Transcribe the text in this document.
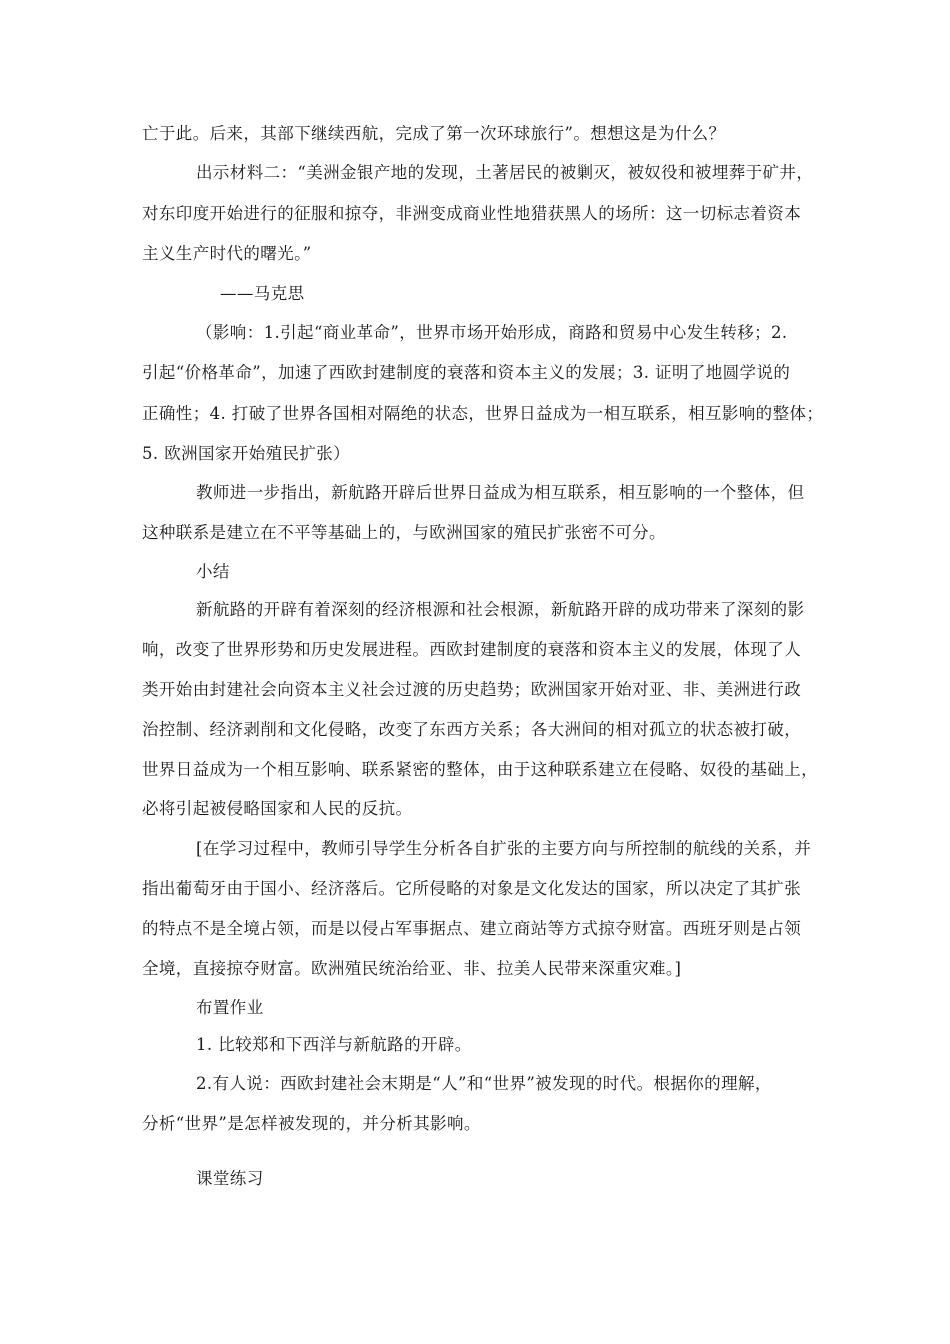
亡于此。后来，其部下继续西航，完成了第一次环球旅行”。想想这是为什么？
出示材料二：“美洲金银产地的发现，土著居民的被剿灭，被奴役和被埋葬于矿井，
对东印度开始进行的征服和掠夺，非洲变成商业性地猎获黑人的场所：这一切标志着资本
主义生产时代的曙光。”
——马克思
（影响：1.引起“商业革命”，世界市场开始形成，商路和贸易中心发生转移；2.
引起“价格革命”，加速了西欧封建制度的衰落和资本主义的发展；3. 证明了地圆学说的
正确性；4. 打破了世界各国相对隔绝的状态，世界日益成为一相互联系，相互影响的整体；
5. 欧洲国家开始殖民扩张）
教师进一步指出，新航路开辟后世界日益成为相互联系，相互影响的一个整体，但
这种联系是建立在不平等基础上的，与欧洲国家的殖民扩张密不可分。
小结
新航路的开辟有着深刻的经济根源和社会根源，新航路开辟的成功带来了深刻的影
响，改变了世界形势和历史发展进程。西欧封建制度的衰落和资本主义的发展，体现了人
类开始由封建社会向资本主义社会过渡的历史趋势；欧洲国家开始对亚、非、美洲进行政
治控制、经济剥削和文化侵略，改变了东西方关系；各大洲间的相对孤立的状态被打破，
世界日益成为一个相互影响、联系紧密的整体，由于这种联系建立在侵略、奴役的基础上，
必将引起被侵略国家和人民的反抗。
[在学习过程中，教师引导学生分析各自扩张的主要方向与所控制的航线的关系，并
指出葡萄牙由于国小、经济落后。它所侵略的对象是文化发达的国家，所以决定了其扩张
的特点不是全境占领，而是以侵占军事据点、建立商站等方式掠夺财富。西班牙则是占领
全境，直接掠夺财富。欧洲殖民统治给亚、非、拉美人民带来深重灾难。]
布置作业
1. 比较郑和下西洋与新航路的开辟。
2.有人说：西欧封建社会末期是“人”和“世界”被发现的时代。根据你的理解，
分析“世界”是怎样被发现的，并分析其影响。
课堂练习
